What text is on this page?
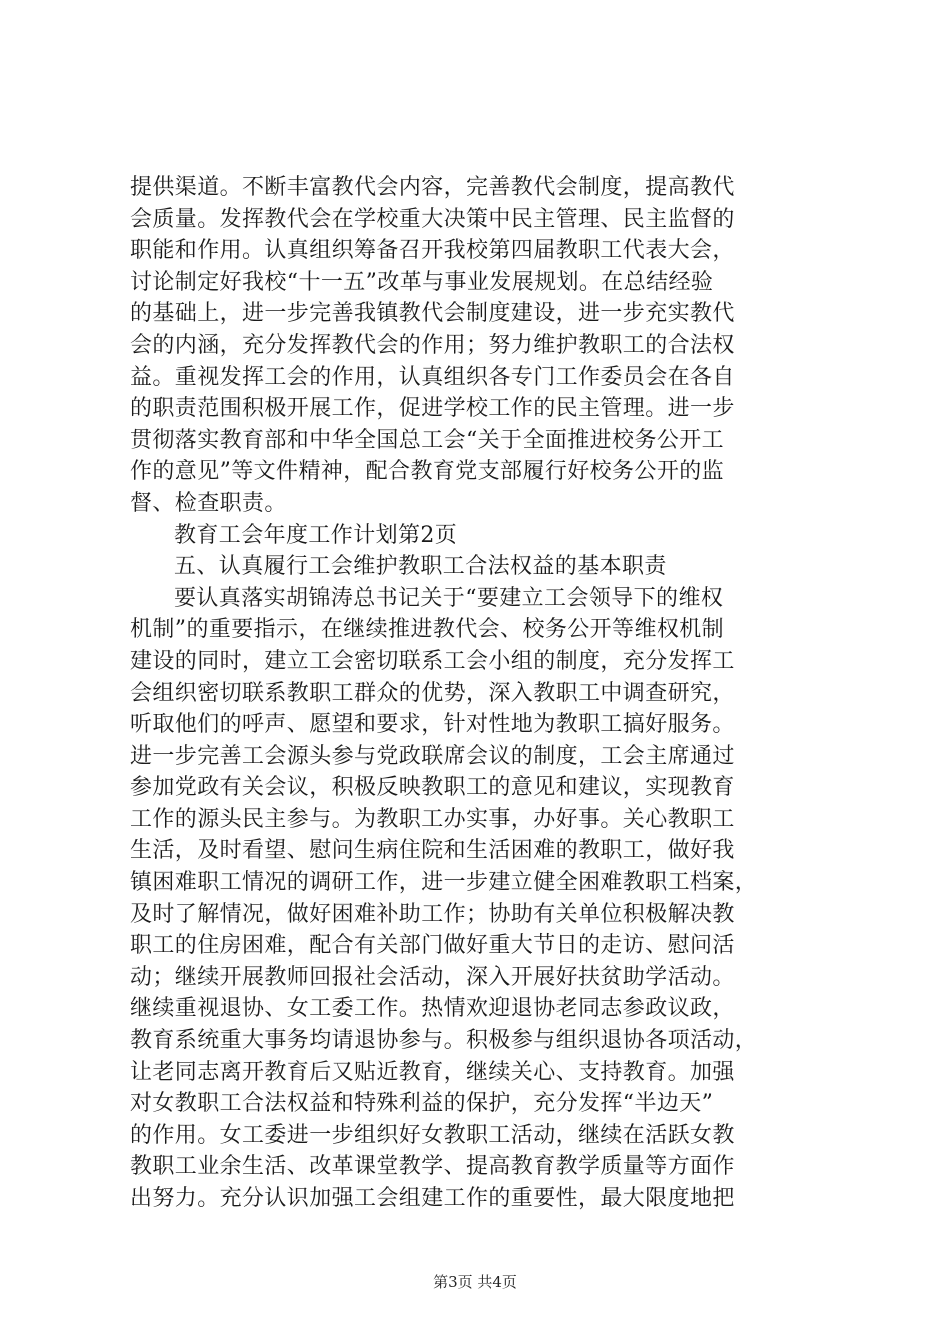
提供渠道。不断丰富教代会内容，完善教代会制度，提高教代
会质量。发挥教代会在学校重大决策中民主管理、民主监督的
职能和作用。认真组织筹备召开我校第四届教职工代表大会，
讨论制定好我校“十一五”改革与事业发展规划。在总结经验
的基础上，进一步完善我镇教代会制度建设，进一步充实教代
会的内涵，充分发挥教代会的作用；努力维护教职工的合法权
益。重视发挥工会的作用，认真组织各专门工作委员会在各自
的职责范围积极开展工作，促进学校工作的民主管理。进一步
贯彻落实教育部和中华全国总工会“关于全面推进校务公开工
作的意见”等文件精神，配合教育党支部履行好校务公开的监
督、检查职责。
教育工会年度工作计划第2页
五、认真履行工会维护教职工合法权益的基本职责
要认真落实胡锦涛总书记关于“要建立工会领导下的维权
机制”的重要指示，在继续推进教代会、校务公开等维权机制
建设的同时，建立工会密切联系工会小组的制度，充分发挥工
会组织密切联系教职工群众的优势，深入教职工中调查研究，
听取他们的呼声、愿望和要求，针对性地为教职工搞好服务。
进一步完善工会源头参与党政联席会议的制度，工会主席通过
参加党政有关会议，积极反映教职工的意见和建议，实现教育
工作的源头民主参与。为教职工办实事，办好事。关心教职工
生活，及时看望、慰问生病住院和生活困难的教职工，做好我
镇困难职工情况的调研工作，进一步建立健全困难教职工档案，
及时了解情况，做好困难补助工作；协助有关单位积极解决教
职工的住房困难，配合有关部门做好重大节日的走访、慰问活
动；继续开展教师回报社会活动，深入开展好扶贫助学活动。
继续重视退协、女工委工作。热情欢迎退协老同志参政议政，
教育系统重大事务均请退协参与。积极参与组织退协各项活动，
让老同志离开教育后又贴近教育，继续关心、支持教育。加强
对女教职工合法权益和特殊利益的保护，充分发挥“半边天”
的作用。女工委进一步组织好女教职工活动，继续在活跃女教
教职工业余生活、改革课堂教学、提高教育教学质量等方面作
出努力。充分认识加强工会组建工作的重要性，最大限度地把
第3页 共4页
